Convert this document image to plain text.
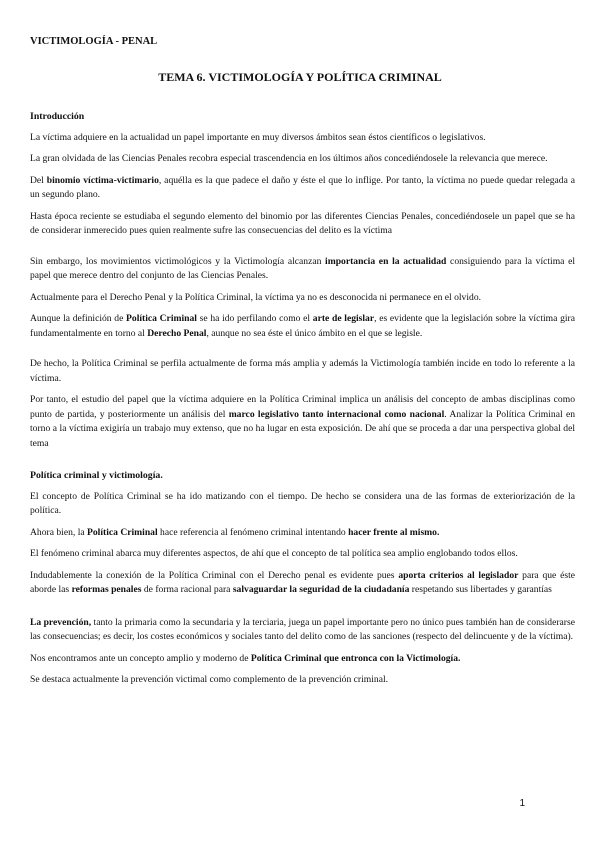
VICTIMOLOGÍA - PENAL
TEMA 6. VICTIMOLOGÍA Y POLÍTICA CRIMINAL
Introducción

La víctima adquiere en la actualidad un papel importante en muy diversos ámbitos sean éstos científicos o legislativos.

La gran olvidada de las Ciencias Penales recobra especial trascendencia en los últimos años concediéndosele la relevancia que merece.

Del binomio víctima-victimario, aquélla es la que padece el daño y éste el que lo inflige. Por tanto, la víctima no puede quedar relegada a un segundo plano.

Hasta época reciente se estudiaba el segundo elemento del binomio por las diferentes Ciencias Penales, concediéndosele un papel que se ha de considerar inmerecido pues quien realmente sufre las consecuencias del delito es la víctima

Sin embargo, los movimientos victimológicos y la Victimología alcanzan importancia en la actualidad consiguiendo para la víctima el papel que merece dentro del conjunto de las Ciencias Penales.

Actualmente para el Derecho Penal y la Política Criminal, la víctima ya no es desconocida ni permanece en el olvido.

Aunque la definición de Política Criminal se ha ido perfilando como el arte de legislar, es evidente que la legislación sobre la víctima gira fundamentalmente en torno al Derecho Penal, aunque no sea éste el único ámbito en el que se legisle.

De hecho, la Política Criminal se perfila actualmente de forma más amplia y además la Victimología también incide en todo lo referente a la víctima.

Por tanto, el estudio del papel que la víctima adquiere en la Política Criminal implica un análisis del concepto de ambas disciplinas como punto de partida, y posteriormente un análisis del marco legislativo tanto internacional como nacional. Analizar la Política Criminal en torno a la víctima exigiría un trabajo muy extenso, que no ha lugar en esta exposición. De ahí que se proceda a dar una perspectiva global del tema

Política criminal y victimología.

El concepto de Política Criminal se ha ido matizando con el tiempo. De hecho se considera una de las formas de exteriorización de la política.

Ahora bien, la Política Criminal hace referencia al fenómeno criminal intentando hacer frente al mismo.

El fenómeno criminal abarca muy diferentes aspectos, de ahí que el concepto de tal política sea amplio englobando todos ellos.

Indudablemente la conexión de la Política Criminal con el Derecho penal es evidente pues aporta criterios al legislador para que éste aborde las reformas penales de forma racional para salvaguardar la seguridad de la ciudadanía respetando sus libertades y garantías

La prevención, tanto la primaria como la secundaria y la terciaria, juega un papel importante pero no único pues también han de considerarse las consecuencias; es decir, los costes económicos y sociales tanto del delito como de las sanciones (respecto del delincuente y de la víctima).

Nos encontramos ante un concepto amplio y moderno de Política Criminal que entronca con la Victimología.

Se destaca actualmente la prevención victimal como complemento de la prevención criminal.

1
